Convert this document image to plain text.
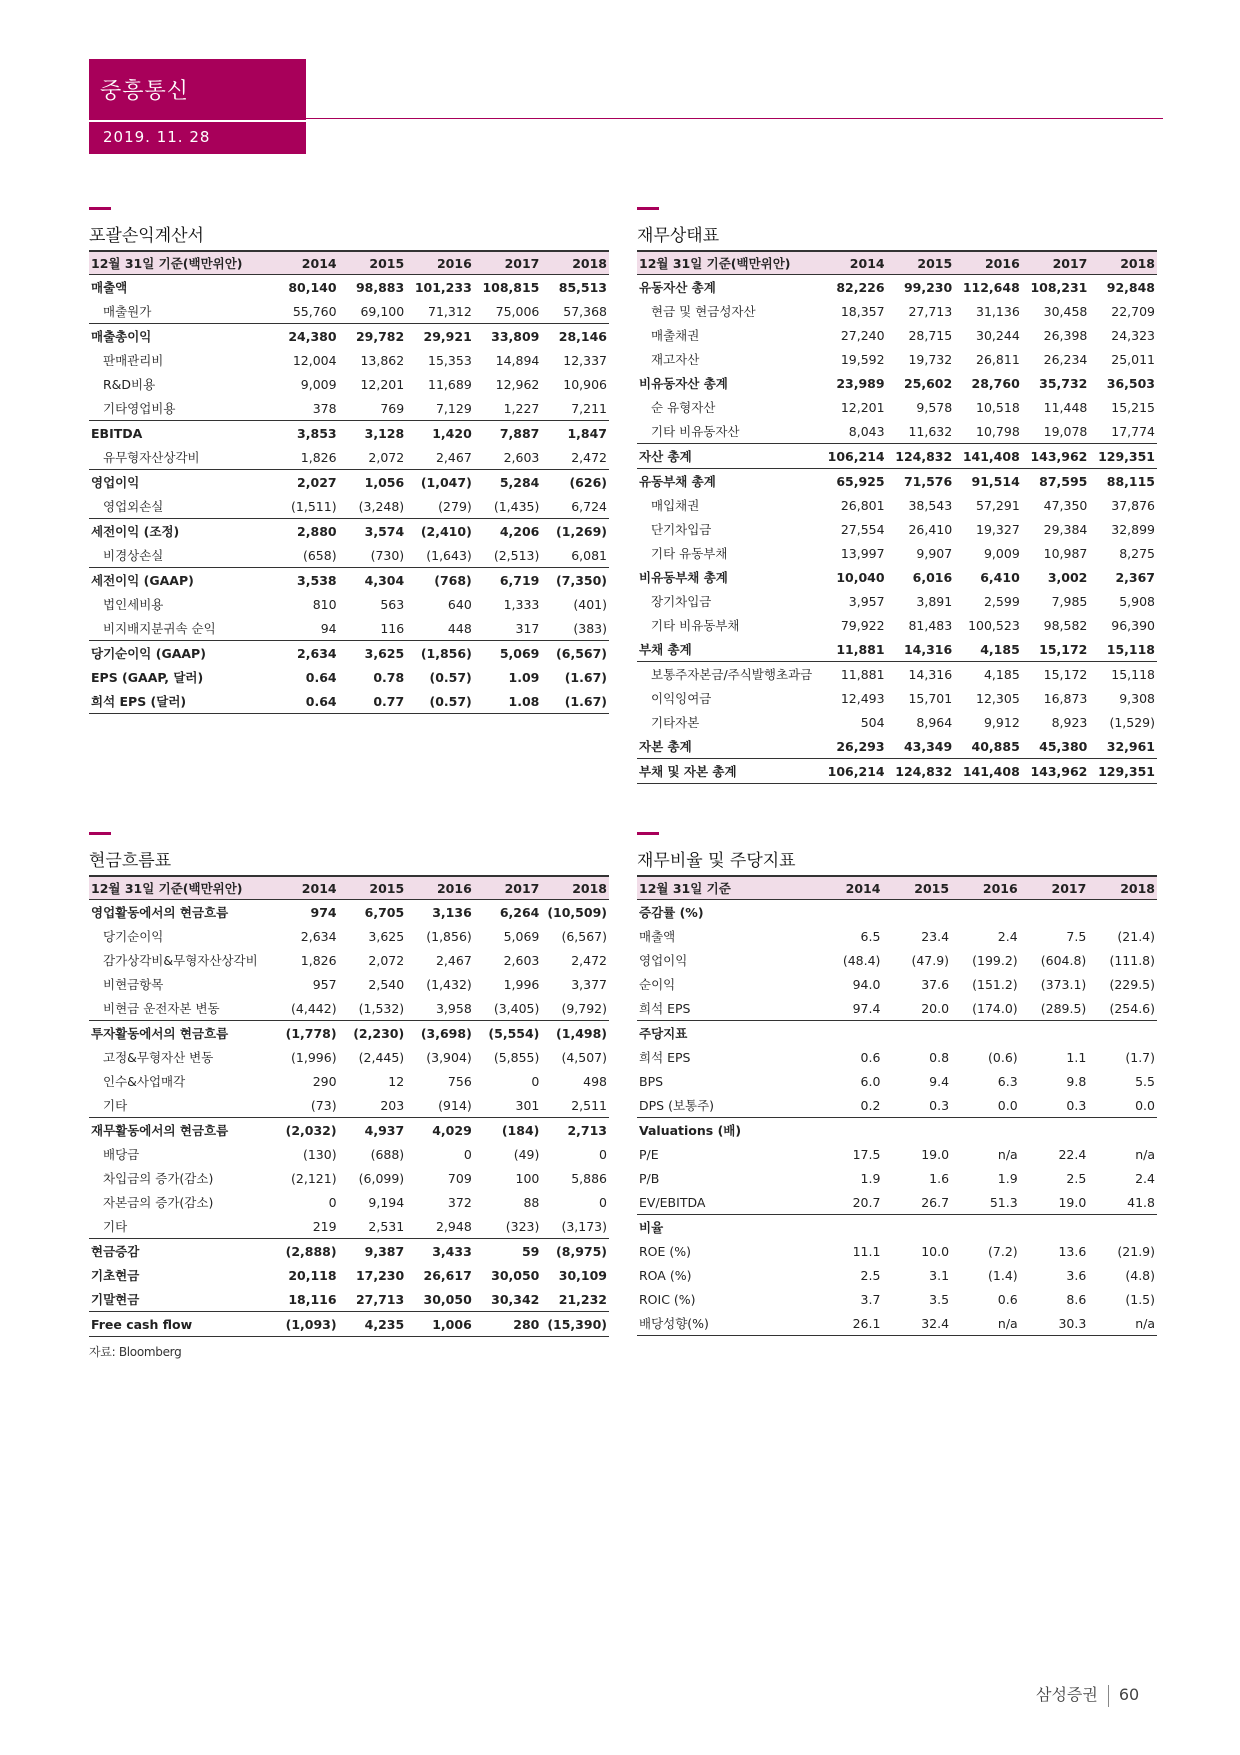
중흥통신
2019. 11. 28
포괄손익계산서
12월 31일 기준(백만위안)	2014	2015	2016	2017	2018
매출액	80,140	98,883	101,233	108,815	85,513
매출원가	55,760	69,100	71,312	75,006	57,368
매출총이익	24,380	29,782	29,921	33,809	28,146
판매관리비	12,004	13,862	15,353	14,894	12,337
R&D비용	9,009	12,201	11,689	12,962	10,906
기타영업비용	378	769	7,129	1,227	7,211
EBITDA	3,853	3,128	1,420	7,887	1,847
유무형자산상각비	1,826	2,072	2,467	2,603	2,472
영업이익	2,027	1,056	(1,047)	5,284	(626)
영업외손실	(1,511)	(3,248)	(279)	(1,435)	6,724
세전이익 (조정)	2,880	3,574	(2,410)	4,206	(1,269)
비경상손실	(658)	(730)	(1,643)	(2,513)	6,081
세전이익 (GAAP)	3,538	4,304	(768)	6,719	(7,350)
법인세비용	810	563	640	1,333	(401)
비지배지분귀속 순익	94	116	448	317	(383)
당기순이익 (GAAP)	2,634	3,625	(1,856)	5,069	(6,567)
EPS (GAAP, 달러)	0.64	0.78	(0.57)	1.09	(1.67)
희석 EPS (달러)	0.64	0.77	(0.57)	1.08	(1.67)
재무상태표
12월 31일 기준(백만위안)	2014	2015	2016	2017	2018
유동자산 총계	82,226	99,230	112,648	108,231	92,848
현금 및 현금성자산	18,357	27,713	31,136	30,458	22,709
매출채권	27,240	28,715	30,244	26,398	24,323
재고자산	19,592	19,732	26,811	26,234	25,011
비유동자산 총계	23,989	25,602	28,760	35,732	36,503
순 유형자산	12,201	9,578	10,518	11,448	15,215
기타 비유동자산	8,043	11,632	10,798	19,078	17,774
자산 총계	106,214	124,832	141,408	143,962	129,351
유동부채 총계	65,925	71,576	91,514	87,595	88,115
매입채권	26,801	38,543	57,291	47,350	37,876
단기차입금	27,554	26,410	19,327	29,384	32,899
기타 유동부채	13,997	9,907	9,009	10,987	8,275
비유동부채 총계	10,040	6,016	6,410	3,002	2,367
장기차입금	3,957	3,891	2,599	7,985	5,908
기타 비유동부채	79,922	81,483	100,523	98,582	96,390
부채 총계	11,881	14,316	4,185	15,172	15,118
보통주자본금/주식발행초과금	11,881	14,316	4,185	15,172	15,118
이익잉여금	12,493	15,701	12,305	16,873	9,308
기타자본	504	8,964	9,912	8,923	(1,529)
자본 총계	26,293	43,349	40,885	45,380	32,961
부채 및 자본 총계	106,214	124,832	141,408	143,962	129,351
현금흐름표
12월 31일 기준(백만위안)	2014	2015	2016	2017	2018
영업활동에서의 현금흐름	974	6,705	3,136	6,264	(10,509)
당기순이익	2,634	3,625	(1,856)	5,069	(6,567)
감가상각비&무형자산상각비	1,826	2,072	2,467	2,603	2,472
비현금항목	957	2,540	(1,432)	1,996	3,377
비현금 운전자본 변동	(4,442)	(1,532)	3,958	(3,405)	(9,792)
투자활동에서의 현금흐름	(1,778)	(2,230)	(3,698)	(5,554)	(1,498)
고정&무형자산 변동	(1,996)	(2,445)	(3,904)	(5,855)	(4,507)
인수&사업매각	290	12	756	0	498
기타	(73)	203	(914)	301	2,511
재무활동에서의 현금흐름	(2,032)	4,937	4,029	(184)	2,713
배당금	(130)	(688)	0	(49)	0
차입금의 증가(감소)	(2,121)	(6,099)	709	100	5,886
자본금의 증가(감소)	0	9,194	372	88	0
기타	219	2,531	2,948	(323)	(3,173)
현금증감	(2,888)	9,387	3,433	59	(8,975)
기초현금	20,118	17,230	26,617	30,050	30,109
기말현금	18,116	27,713	30,050	30,342	21,232
Free cash flow	(1,093)	4,235	1,006	280	(15,390)
자료: Bloomberg
재무비율 및 주당지표
12월 31일 기준	2014	2015	2016	2017	2018
증감률 (%)					
매출액	6.5	23.4	2.4	7.5	(21.4)
영업이익	(48.4)	(47.9)	(199.2)	(604.8)	(111.8)
순이익	94.0	37.6	(151.2)	(373.1)	(229.5)
희석 EPS	97.4	20.0	(174.0)	(289.5)	(254.6)
주당지표					
희석 EPS	0.6	0.8	(0.6)	1.1	(1.7)
BPS	6.0	9.4	6.3	9.8	5.5
DPS (보통주)	0.2	0.3	0.0	0.3	0.0
Valuations (배)					
P/E	17.5	19.0	n/a	22.4	n/a
P/B	1.9	1.6	1.9	2.5	2.4
EV/EBITDA	20.7	26.7	51.3	19.0	41.8
비율					
ROE (%)	11.1	10.0	(7.2)	13.6	(21.9)
ROA (%)	2.5	3.1	(1.4)	3.6	(4.8)
ROIC (%)	3.7	3.5	0.6	8.6	(1.5)
배당성향(%)	26.1	32.4	n/a	30.3	n/a
삼성증권 60
